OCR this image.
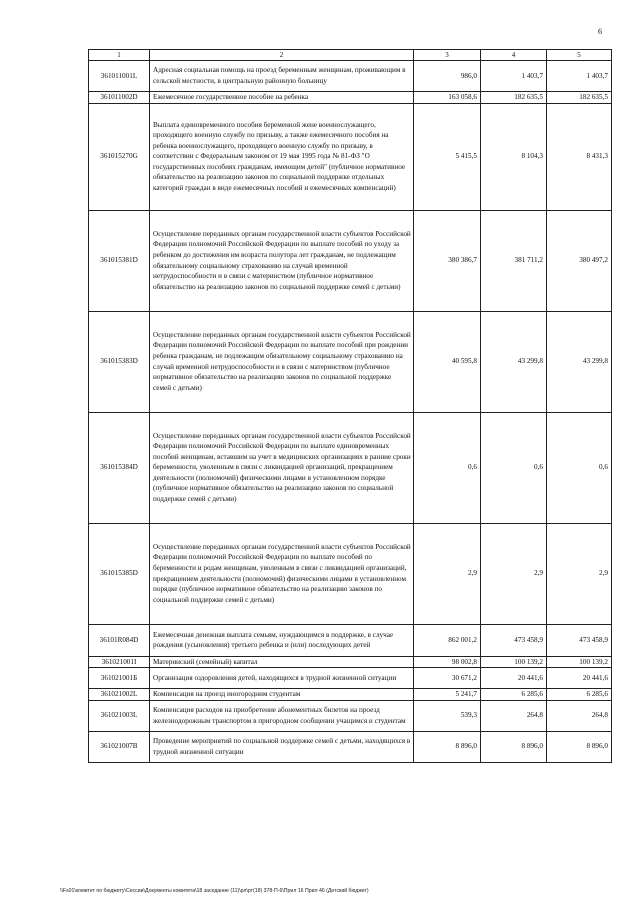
6
1	2	3	4	5
361011001L	Адресная социальная помощь на проезд беременным женщинам, проживающим в сельской местности, в центральную районную больницу	986,0	1 403,7	1 403,7
361011002D	Ежемесячное государственное пособие на ребенка	163 058,6	182 635,5	182 635,5
361015270G	Выплата единовременного пособия беременной жене военнослужащего, проходящего военную службу по призыву, а также ежемесячного пособия на ребенка военнослужащего, проходящего военную службу по призыву, в соответствии с Федеральным законом от 19 мая 1995 года № 81-ФЗ "О государственных пособиях гражданам, имеющим детей" (публичное нормативное обязательство на реализацию законов по социальной поддержке отдельных категорий граждан в виде ежемесячных пособий и ежемесячных компенсаций)	5 415,5	8 104,3	8 431,3
361015381D	Осуществление переданных органам государственной власти субъектов Российской Федерации полномочий Российской Федерации по выплате пособий по уходу за ребенком до достижения им возраста полутора лет гражданам, не подлежащим обязательному социальному страхованию на случай временной нетрудоспособности и в связи с материнством (публичное нормативное обязательство на реализацию законов по социальной поддержке семей с детьми)	380 386,7	381 711,2	380 497,2
361015383D	Осуществление переданных органам государственной власти субъектов Российской Федерации полномочий Российской Федерации по выплате пособий при рождении ребенка гражданам, не подлежащим обязательному социальному страхованию на случай временной нетрудоспособности и в связи с материнством (публичное нормативное обязательство на реализацию законов по социальной поддержке семей с детьми)	40 595,8	43 299,8	43 299,8
361015384D	Осуществление переданных органам государственной власти субъектов Российской Федерации полномочий Российской Федерации по выплате единовременных пособий женщинам, вставшим на учет в медицинских организациях в ранние сроки беременности, уволенным в связи с ликвидацией организаций, прекращением деятельности (полномочий) физическими лицами в установленном порядке (публичное нормативное обязательство на реализацию законов по социальной поддержке семей с детьми)	0,6	0,6	0,6
361015385D	Осуществление переданных органам государственной власти субъектов Российской Федерации полномочий Российской Федерации по выплате пособий по беременности и родам женщинам, уволенным в связи с ликвидацией организаций, прекращением деятельности (полномочий) физическими лицами в установленном порядке (публичное нормативное обязательство на реализацию законов по социальной поддержке семей с детьми)	2,9	2,9	2,9
36101R084D	Ежемесячная денежная выплата семьям, нуждающимся в поддержке, в случае рождения (усыновления) третьего ребенка и (или) последующих детей	862 001,2	473 458,9	473 458,9
361021001I	Материнский (семейный) капитал	98 002,8	100 139,2	100 139,2
361021001Б	Организация оздоровления детей, находящихся в трудной жизненной ситуации	30 671,2	20 441,6	20 441,6
361021002L	Компенсация на проезд иногородним студентам	5 241,7	6 285,6	6 285,6
361021003L	Компенсация расходов на приобретение абонементных билетов на проезд железнодорожным транспортом в пригородном сообщении учащимся и студентам	539,3	264,8	264,8
361021007В	Проведение мероприятий по социальной поддержке семей с детьми, находящихся в трудной жизненной ситуации	8 896,0	8 896,0	8 896,0
\\Fs01\комитет по бюджету\Сессии\Документы комитета\18 заседание (11)\рл\рт(18) 378-П-6\Прил 16 Прил 46 (Детский бюджет)
